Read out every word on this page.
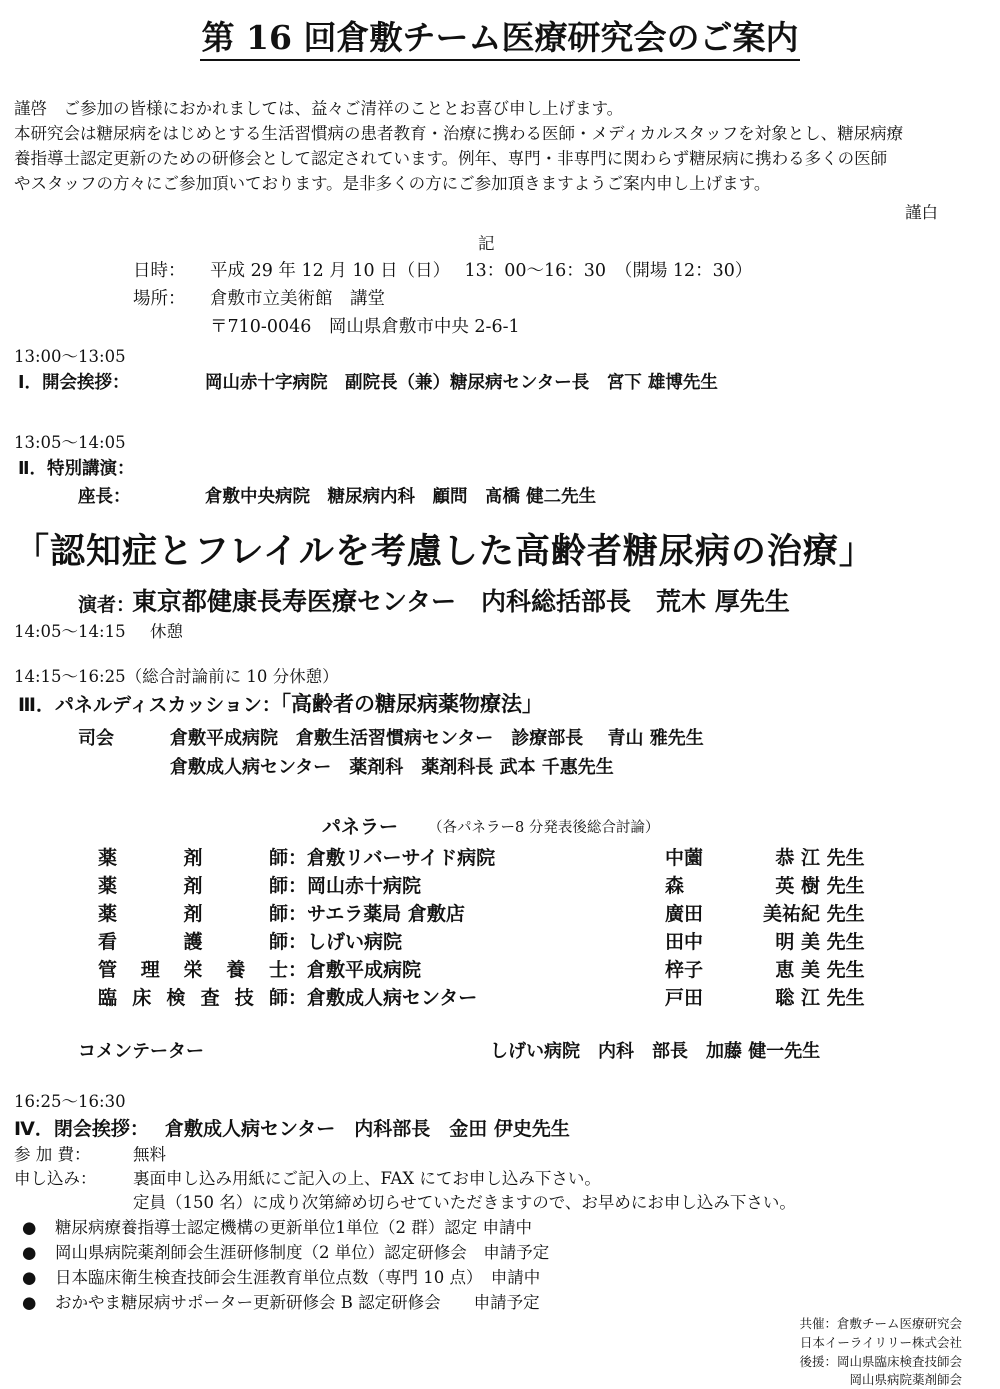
第 16 回倉敷チーム医療研究会のご案内
謹啓　ご参加の皆様におかれましては、益々ご清祥のこととお喜び申し上げます。
本研究会は糖尿病をはじめとする生活習慣病の患者教育・治療に携わる医師・メディカルスタッフを対象とし、糖尿病療
養指導士認定更新のための研修会として認定されています。例年、専門・非専門に関わらず糖尿病に携わる多くの医師
やスタッフの方々にご参加頂いております。是非多くの方にご参加頂きますようご案内申し上げます。
謹白
記
日時： 平成 29 年 12 月 10 日（日）　 13：00～16：30　（開場 12：30）
場所： 倉敷市立美術館　講堂
〒710-0046　岡山県倉敷市中央 2-6-1
13:00～13:05
Ⅰ．開会挨拶：	岡山赤十字病院　副院長（兼）糖尿病センター長　宮下 雄博先生
13:05～14:05
Ⅱ．特別講演：
座長：	倉敷中央病院　糖尿病内科　顧問　髙橋 健二先生
「認知症とフレイルを考慮した高齢者糖尿病の治療」
演者：
東京都健康長寿医療センター　内科総括部長　荒木 厚先生
14:05～14:15 休憩
14:15～16:25（総合討論前に 10 分休憩）
Ⅲ．パネルディスカッション：
「高齢者の糖尿病薬物療法」
司会	倉敷平成病院　倉敷生活習慣病センター　診療部長　 青山 雅先生
倉敷成人病センター　薬剤科　薬剤科長 武本 千惠先生
パネラー （各パネラー8 分発表後総合討論）
薬剤師：倉敷リバーサイド病院	中薗	恭 江 先生
薬剤師：岡山赤十病院	森	英 樹 先生
薬剤師：サエラ薬局 倉敷店	廣田	美祐紀 先生
看護師：しげい病院	田中	明 美 先生
管理栄養士：倉敷平成病院	梓子	恵 美 先生
臨床検査技師：倉敷成人病センター	戸田	聡 江 先生
コメンテーター	しげい病院　内科　部長　加藤 健一先生
16:25～16:30
Ⅳ．閉会挨拶： 倉敷成人病センター　内科部長　金田 伊史先生
参 加 費：	無料
申し込み： 裏面申し込み用紙にご記入の上、FAX にてお申し込み下さい。
定員（150 名）に成り次第締め切らせていただきますので、お早めにお申し込み下さい。
● 糖尿病療養指導士認定機構の更新単位1単位（2 群）認定 申請中
● 岡山県病院薬剤師会生涯研修制度（2 単位）認定研修会　申請予定
● 日本臨床衛生検査技師会生涯教育単位点数（専門 10 点）　申請中
● おかやま糖尿病サポーター更新研修会 B 認定研修会　　申請予定
共催：倉敷チーム医療研究会
日本イーライリリー株式会社
後援：岡山県臨床検査技師会
岡山県病院薬剤師会
